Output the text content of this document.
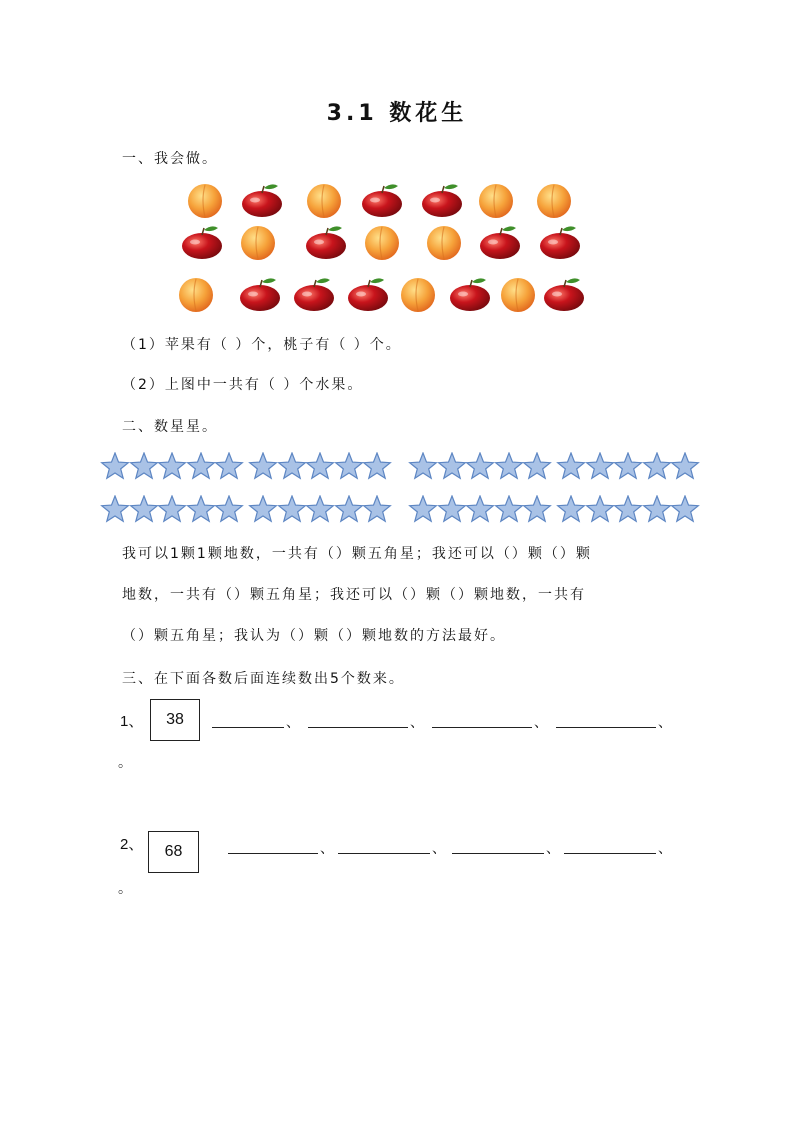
3.1 数花生
一、我会做。
（1）苹果有（ ）个，桃子有（ ）个。
（2）上图中一共有（ ）个水果。
二、数星星。
我可以1颗1颗地数，一共有（）颗五角星；我还可以（）颗（）颗
地数，一共有（）颗五角星；我还可以（）颗（）颗地数，一共有
（）颗五角星；我认为（）颗（）颗地数的方法最好。
三、在下面各数后面连续数出5个数来。
1、 38	、	、	、	、
。
2、 68	、	、	、	、
。
